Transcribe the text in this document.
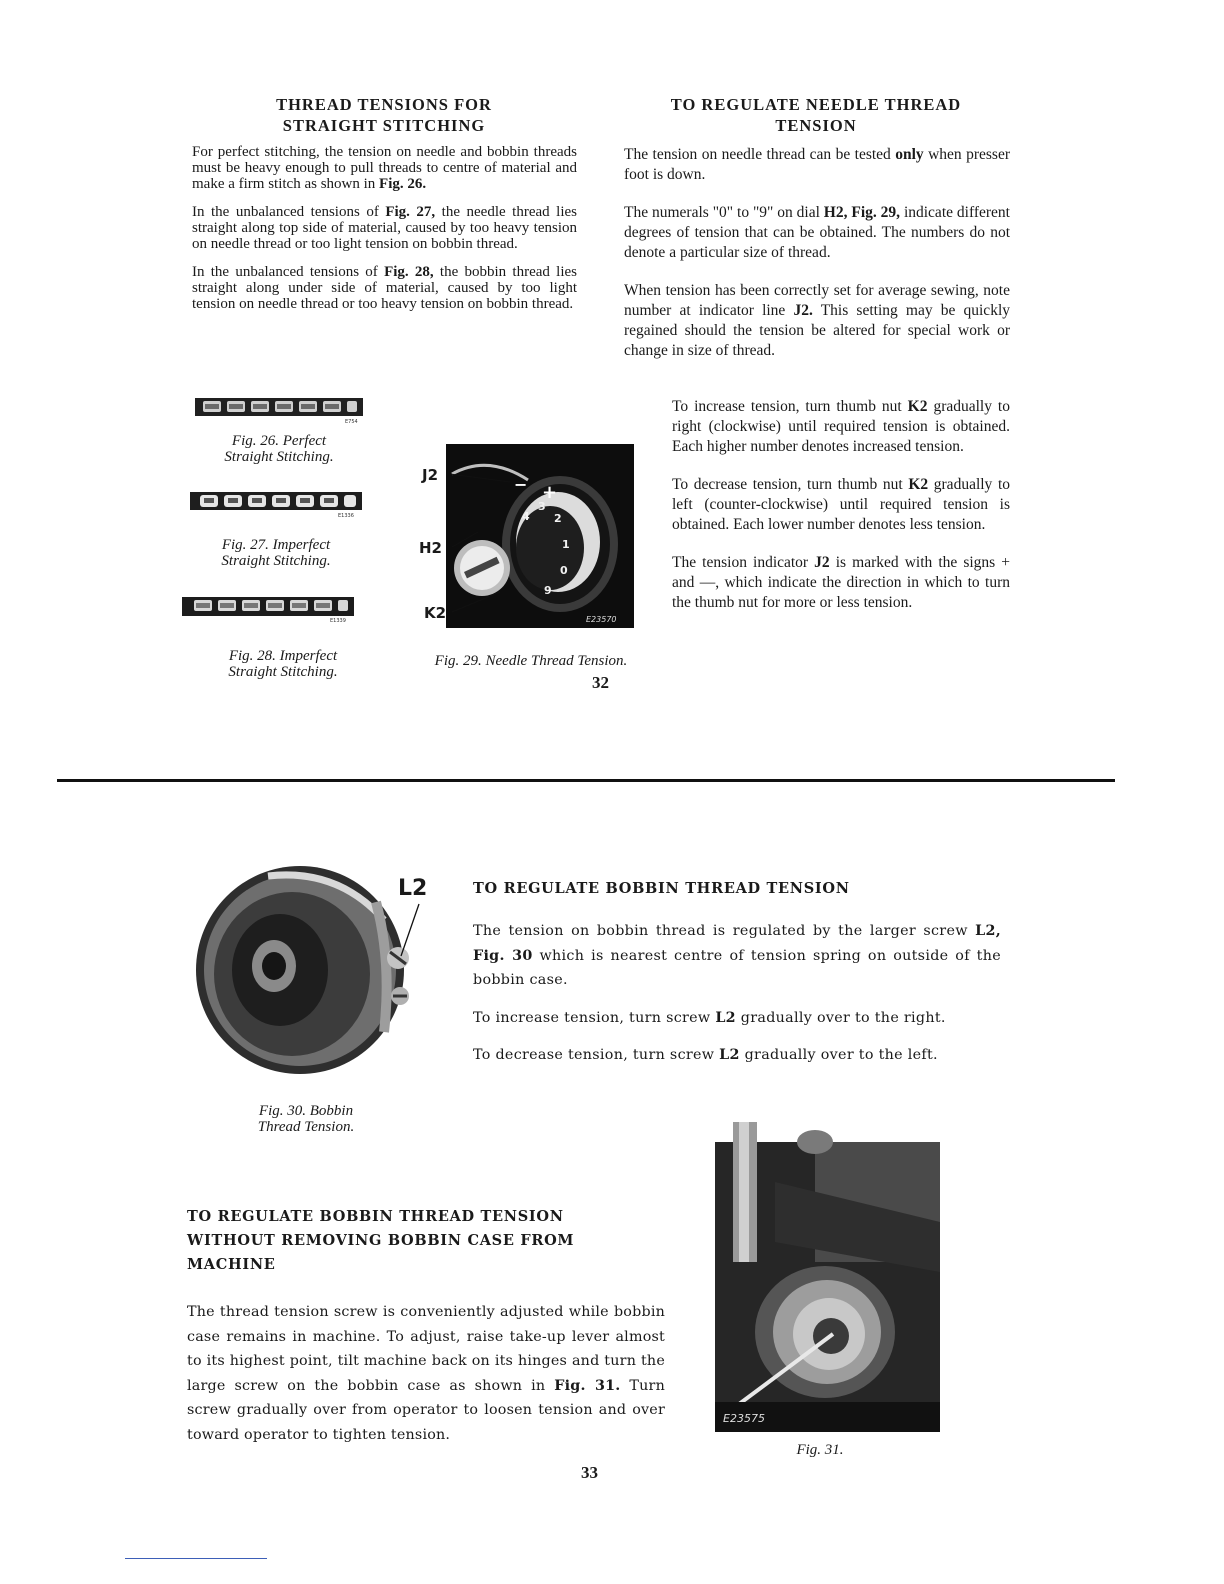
THREAD TENSIONS FOR
STRAIGHT STITCHING

For perfect stitching, the tension on needle and bobbin threads must be heavy enough to pull threads to centre of material and make a firm stitch as shown in Fig. 26.

In the unbalanced tensions of Fig. 27, the needle thread lies straight along top side of material, caused by too heavy tension on needle thread or too light tension on bobbin thread.

In the unbalanced tensions of Fig. 28, the bobbin thread lies straight along under side of material, caused by too light tension on needle thread or too heavy tension on bobbin thread.

E754
Fig. 26. Perfect
Straight Stitching.
E1336
Fig. 27. Imperfect
Straight Stitching.
E1339
Fig. 28. Imperfect
Straight Stitching.
4
3
2
1
0
9
+
−
E23570
J2
H2
K2
Fig. 29. Needle Thread Tension.
32
TO REGULATE NEEDLE THREAD
TENSION

The tension on needle thread can be tested only when presser foot is down.

The numerals "0" to "9" on dial H2, Fig. 29, indicate different degrees of tension that can be obtained. The numbers do not denote a particular size of thread.

When tension has been correctly set for average sewing, note number at indicator line J2. This setting may be quickly regained should the tension be altered for special work or change in size of thread.

To increase tension, turn thumb nut K2 gradually to right (clockwise) until required tension is obtained. Each higher number denotes increased tension.

To decrease tension, turn thumb nut K2 gradually to left (counter-clockwise) until required tension is obtained. Each lower number denotes less tension.

The tension indicator J2 is marked with the signs + and —, which indicate the direction in which to turn the thumb nut for more or less tension.

L2
Fig. 30. Bobbin
Thread Tension.
TO REGULATE BOBBIN THREAD TENSION

The tension on bobbin thread is regulated by the larger screw L2, Fig. 30 which is nearest centre of tension spring on outside of the bobbin case.

To increase tension, turn screw L2 gradually over to the right.

To decrease tension, turn screw L2 gradually over to the left.

TO REGULATE BOBBIN THREAD TENSION
WITHOUT REMOVING BOBBIN CASE FROM
MACHINE

The thread tension screw is conveniently adjusted while bobbin case remains in machine. To adjust, raise take-up lever almost to its highest point, tilt machine back on its hinges and turn the large screw on the bobbin case as shown in Fig. 31. Turn screw gradually over from operator to loosen tension and over toward operator to tighten tension.

E23575
Fig. 31.
33
